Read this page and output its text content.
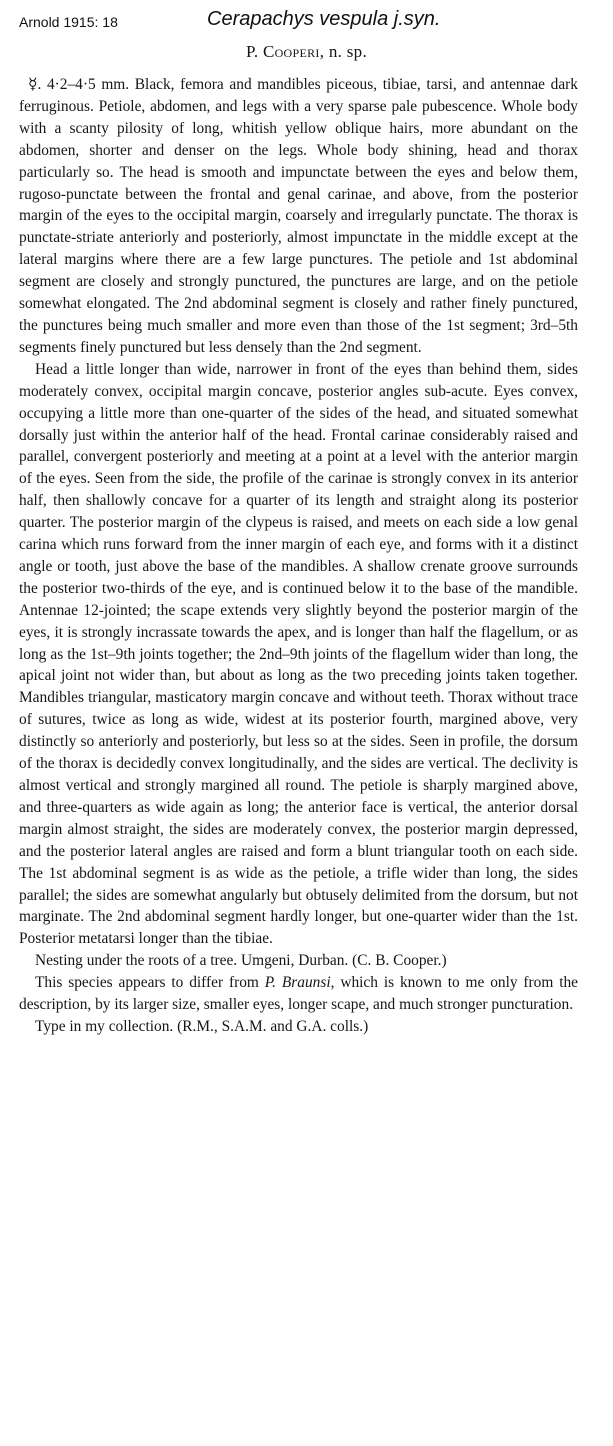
Arnold 1915: 18	Cerapachys vespula j.syn.
P. Cooperi, n. sp.

☿. 4·2–4·5 mm. Black, femora and mandibles piceous, tibiae, tarsi, and antennae dark ferruginous. Petiole, abdomen, and legs with a very sparse pale pubescence. Whole body with a scanty pilosity of long, whitish yellow oblique hairs, more abundant on the abdomen, shorter and denser on the legs. Whole body shining, head and thorax particularly so. The head is smooth and impunctate between the eyes and below them, rugoso-punctate between the frontal and genal carinae, and above, from the posterior margin of the eyes to the occipital margin, coarsely and irregularly punctate. The thorax is punctate-striate anteriorly and posteriorly, almost impunctate in the middle except at the lateral margins where there are a few large punctures. The petiole and 1st abdominal segment are closely and strongly punctured, the punctures are large, and on the petiole somewhat elongated. The 2nd abdominal segment is closely and rather finely punctured, the punctures being much smaller and more even than those of the 1st segment; 3rd–5th segments finely punctured but less densely than the 2nd segment.

Head a little longer than wide, narrower in front of the eyes than behind them, sides moderately convex, occipital margin concave, posterior angles sub-acute. Eyes convex, occupying a little more than one-quarter of the sides of the head, and situated somewhat dorsally just within the anterior half of the head. Frontal carinae considerably raised and parallel, convergent posteriorly and meeting at a point at a level with the anterior margin of the eyes. Seen from the side, the profile of the carinae is strongly convex in its anterior half, then shallowly concave for a quarter of its length and straight along its posterior quarter. The posterior margin of the clypeus is raised, and meets on each side a low genal carina which runs forward from the inner margin of each eye, and forms with it a distinct angle or tooth, just above the base of the mandibles. A shallow crenate groove surrounds the posterior two-thirds of the eye, and is continued below it to the base of the mandible. Antennae 12-jointed; the scape extends very slightly beyond the posterior margin of the eyes, it is strongly incrassate towards the apex, and is longer than half the flagellum, or as long as the 1st–9th joints together; the 2nd–9th joints of the flagellum wider than long, the apical joint not wider than, but about as long as the two preceding joints taken together. Mandibles triangular, masticatory margin concave and without teeth. Thorax without trace of sutures, twice as long as wide, widest at its posterior fourth, margined above, very distinctly so anteriorly and posteriorly, but less so at the sides. Seen in profile, the dorsum of the thorax is decidedly convex longitudinally, and the sides are vertical. The declivity is almost vertical and strongly margined all round. The petiole is sharply margined above, and three-quarters as wide again as long; the anterior face is vertical, the anterior dorsal margin almost straight, the sides are moderately convex, the posterior margin depressed, and the posterior lateral angles are raised and form a blunt triangular tooth on each side. The 1st abdominal segment is as wide as the petiole, a trifle wider than long, the sides parallel; the sides are somewhat angularly but obtusely delimited from the dorsum, but not marginate. The 2nd abdominal segment hardly longer, but one-quarter wider than the 1st. Posterior metatarsi longer than the tibiae.

Nesting under the roots of a tree. Umgeni, Durban. (C. B. Cooper.)

This species appears to differ from P. Braunsi, which is known to me only from the description, by its larger size, smaller eyes, longer scape, and much stronger puncturation.

Type in my collection. (R.M., S.A.M. and G.A. colls.)
